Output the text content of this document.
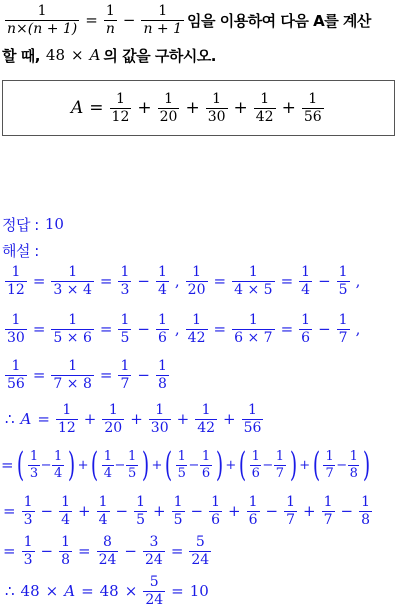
$\frac{1}{n\times(n + 1)} = \frac{1}{n} - \frac{1}{n + 1}$ 임을 이용하여 다음 A를 계산
할 때, 48 × A 의 값을 구하시오.
$A = \frac{1}{12} + \frac{1}{20} + \frac{1}{30} + \frac{1}{42} + \frac{1}{56}$
정답 : 10
해설 :
$\frac{1}{12} = \frac{1}{3 \times 4} = \frac{1}{3} - \frac{1}{4}$ , $\frac{1}{20} = \frac{1}{4 \times 5} = \frac{1}{4} - \frac{1}{5}$ ,
$\frac{1}{30} = \frac{1}{5 \times 6} = \frac{1}{5} - \frac{1}{6}$ , $\frac{1}{42} = \frac{1}{6 \times 7} = \frac{1}{6} - \frac{1}{7}$ ,
$\frac{1}{56} = \frac{1}{7 \times 8} = \frac{1}{7} - \frac{1}{8}$
∴ $A = \frac{1}{12} + \frac{1}{20} + \frac{1}{30} + \frac{1}{42} + \frac{1}{56}$
= ( $\frac{1}{3} - \frac{1}{4}$ ) + ( $\frac{1}{4} - \frac{1}{5}$ ) + ( $\frac{1}{5} - \frac{1}{6}$ ) + ( $\frac{1}{6} - \frac{1}{7}$ ) + ( $\frac{1}{7} - \frac{1}{8}$ )
= $\frac{1}{3} - \frac{1}{4} + \frac{1}{4} - \frac{1}{5} + \frac{1}{5} - \frac{1}{6} + \frac{1}{6} - \frac{1}{7} + \frac{1}{7} - \frac{1}{8}$
= $\frac{1}{3} - \frac{1}{8} = \frac{8}{24} - \frac{3}{24} = \frac{5}{24}$
∴ $48 \times A = 48 \times \frac{5}{24} = 10$
